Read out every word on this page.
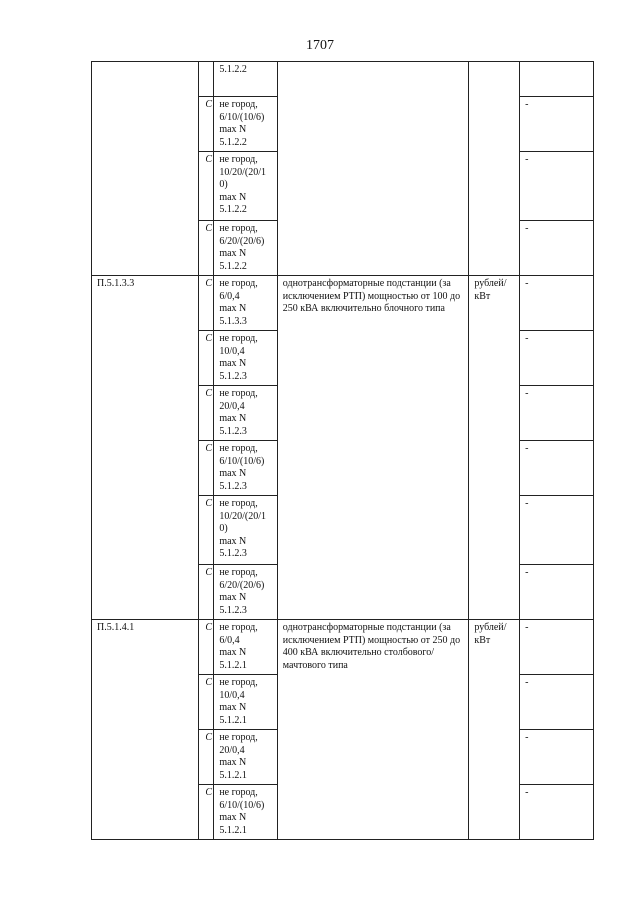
1707
		5.1.2.2			
	С	не город,
6/10/(10/6)
max N
5.1.2.2			-
	С	не город,
10/20/(20/1
0)
max N
5.1.2.2			-
	С	не город,
6/20/(20/6)
max N
5.1.2.2			-
П.5.1.3.3	С	не город,
6/0,4
max N
5.1.3.3	однотрансформаторные подстанции (за исключением РТП) мощностью от 100 до 250 кВА включительно блочного типа	рублей/
кВт	-
	С	не город,
10/0,4
max N
5.1.2.3			-
	С	не город,
20/0,4
max N
5.1.2.3			-
	С	не город,
6/10/(10/6)
max N
5.1.2.3			-
	С	не город,
10/20/(20/1
0)
max N
5.1.2.3			-
	С	не город,
6/20/(20/6)
max N
5.1.2.3			-
П.5.1.4.1	С	не город,
6/0,4
max N
5.1.2.1	однотрансформаторные подстанции (за исключением РТП) мощностью от 250 до 400 кВА включительно столбового/мачтового типа	рублей/
кВт	-
	С	не город,
10/0,4
max N
5.1.2.1			-
	С	не город,
20/0,4
max N
5.1.2.1			-
	С	не город,
6/10/(10/6)
max N
5.1.2.1			-
